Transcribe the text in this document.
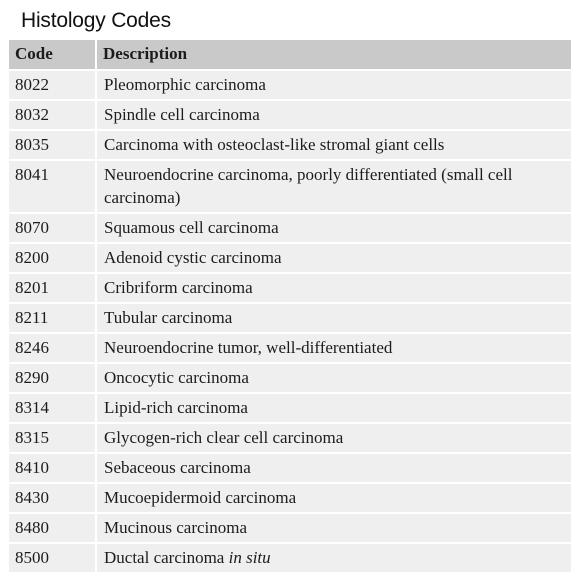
Histology Codes
Code	Description
8022	Pleomorphic carcinoma
8032	Spindle cell carcinoma
8035	Carcinoma with osteoclast-like stromal giant cells
8041	Neuroendocrine carcinoma, poorly differentiated (small cell carcinoma)
8070	Squamous cell carcinoma
8200	Adenoid cystic carcinoma
8201	Cribriform carcinoma
8211	Tubular carcinoma
8246	Neuroendocrine tumor, well-differentiated
8290	Oncocytic carcinoma
8314	Lipid-rich carcinoma
8315	Glycogen-rich clear cell carcinoma
8410	Sebaceous carcinoma
8430	Mucoepidermoid carcinoma
8480	Mucinous carcinoma
8500	Ductal carcinoma in situ
